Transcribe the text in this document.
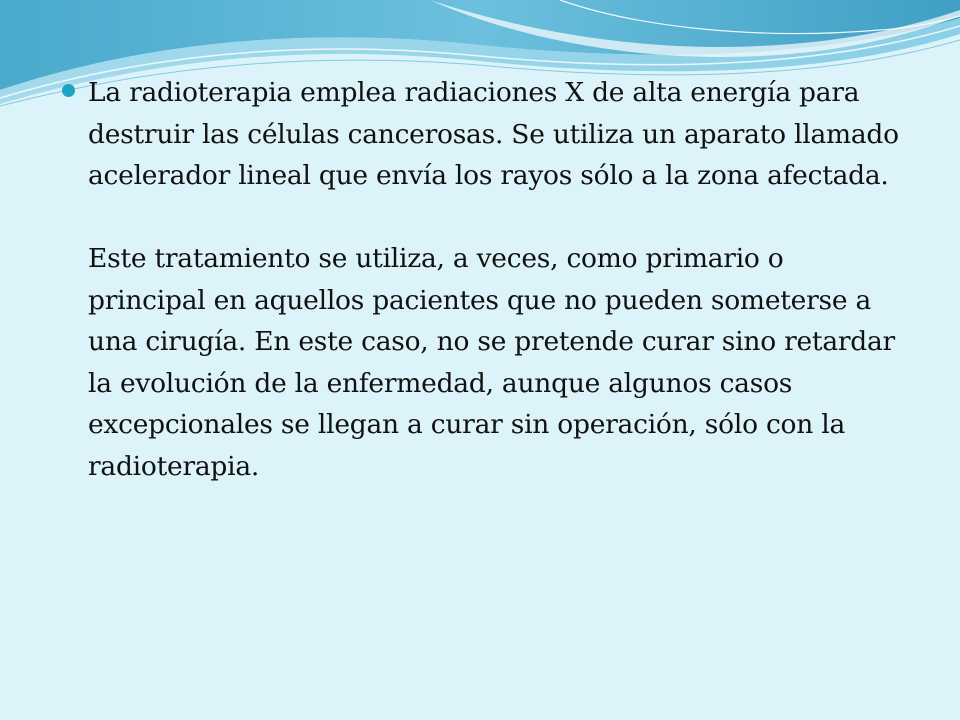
La radioterapia emplea radiaciones X de alta energía para destruir las células cancerosas. Se utiliza un aparato llamado acelerador lineal que envía los rayos sólo a la zona afectada.

Este tratamiento se utiliza, a veces, como primario o principal en aquellos pacientes que no pueden someterse a una cirugía. En este caso, no se pretende curar sino retardar la evolución de la enfermedad, aunque algunos casos excepcionales se llegan a curar sin operación, sólo con la radioterapia.
